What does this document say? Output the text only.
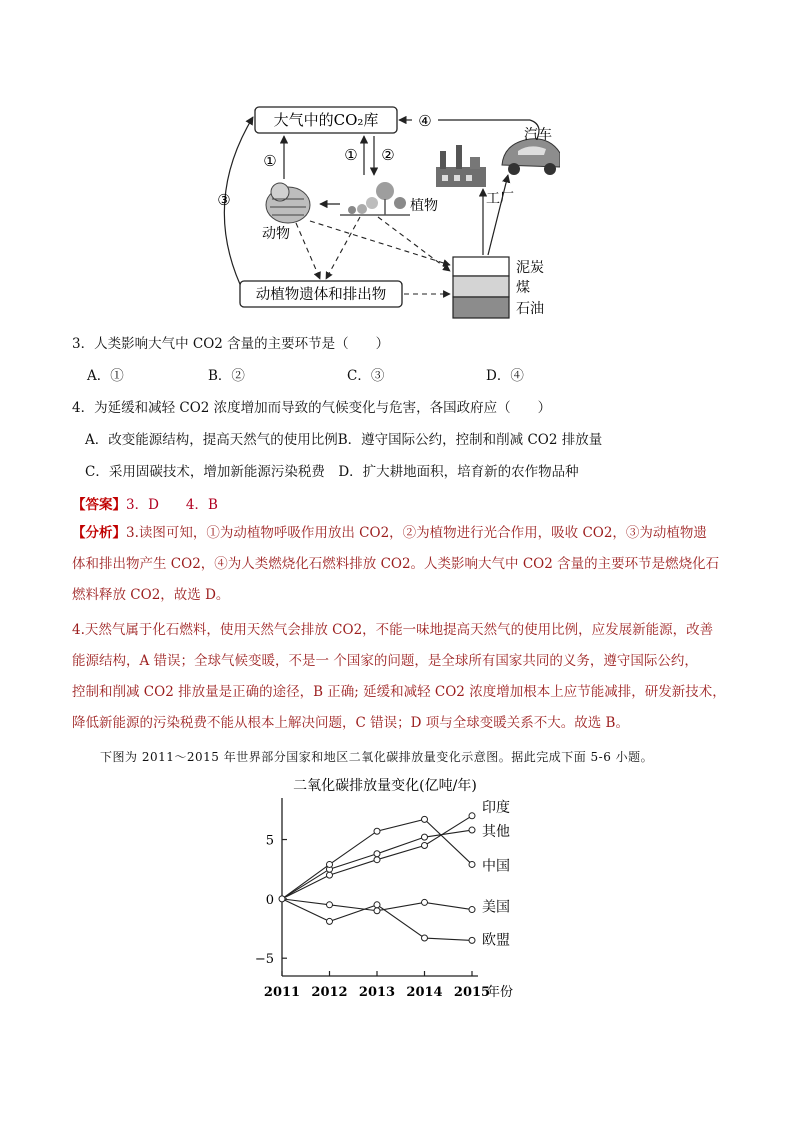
大气中的CO₂库	④
③
①	① ②
动物
植物	工厂
汽车
动植物遗体和排出物
泥炭
煤
石油
3．人类影响大气中 CO2 含量的主要环节是（　　）
A．①	B．②	C．③	D．④
4．为延缓和减轻 CO2 浓度增加而导致的气候变化与危害，各国政府应（　　）
A．改变能源结构，提高天然气的使用比例B．遵守国际公约，控制和削减 CO2 排放量
C．采用固碳技术，增加新能源污染税费　D．扩大耕地面积，培育新的农作物品种
【答案】3．D　　4．B
【分析】3.读图可知，①为动植物呼吸作用放出 CO2，②为植物进行光合作用，吸收 CO2，③为动植物遗
体和排出物产生 CO2，④为人类燃烧化石燃料排放 CO2。人类影响大气中 CO2 含量的主要环节是燃烧化石
燃料释放 CO2，故选 D。
4.天然气属于化石燃料，使用天然气会排放 CO2，不能一味地提高天然气的使用比例，应发展新能源，改善
能源结构，A 错误；全球气候变暖，不是一 个国家的问题，是全球所有国家共同的义务，遵守国际公约，
控制和削减 CO2 排放量是正确的途径，B 正确; 延缓和减轻 CO2 浓度增加根本上应节能减排，研发新技术，
降低新能源的污染税费不能从根本上解决问题，C 错误；D 项与全球变暖关系不大。故选 B。
下图为 2011～2015 年世界部分国家和地区二氧化碳排放量变化示意图。据此完成下面 5-6 小题。
二氧化碳排放量变化(亿吨/年)
−5
0
5
2011 2012 2013 2014 2015
年份
印度
其他
中国
美国
欧盟
